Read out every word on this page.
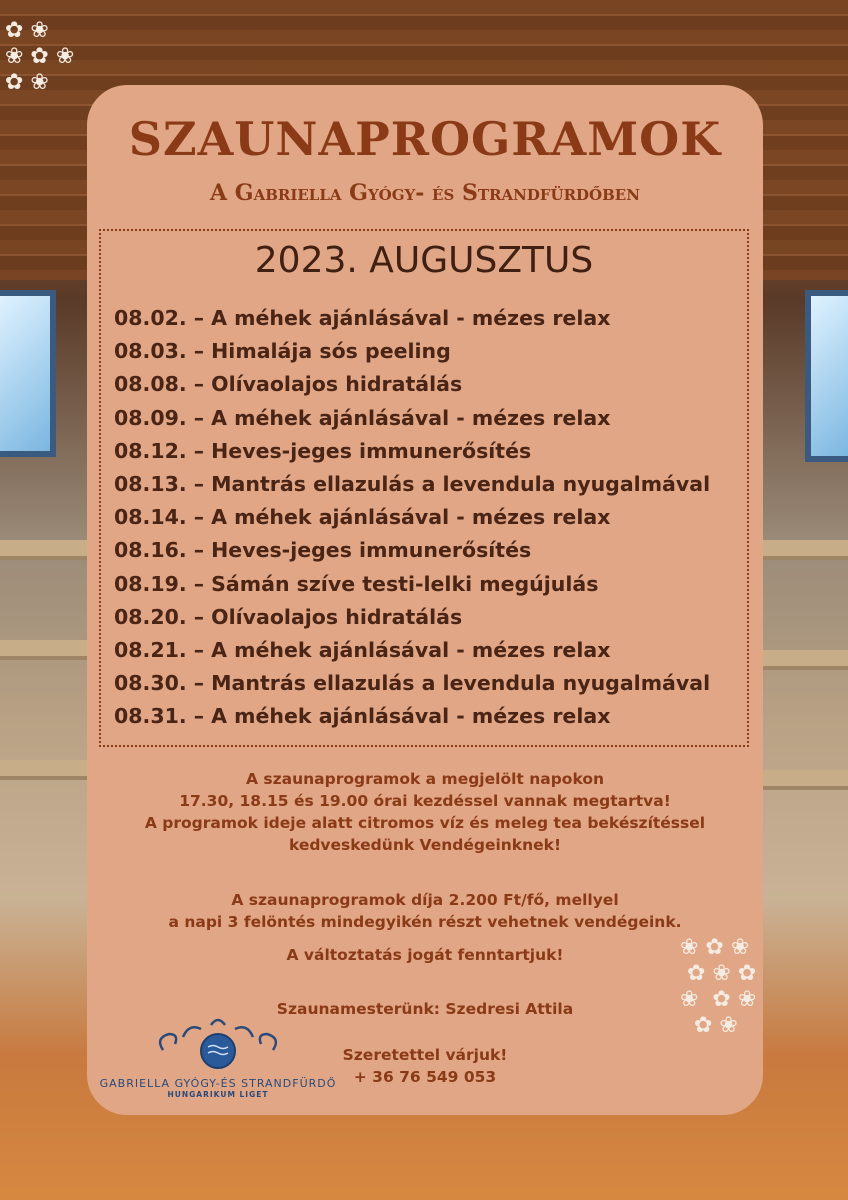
SZAUNAPROGRAMOK
A Gabriella Gyógy- és Strandfürdőben
2023. AUGUSZTUS
08.02. – A méhek ajánlásával - mézes relax
08.03. – Himalája sós peeling
08.08. – Olívaolajos hidratálás
08.09. – A méhek ajánlásával - mézes relax
08.12. – Heves-jeges immunerősítés
08.13. – Mantrás ellazulás a levendula nyugalmával
08.14. – A méhek ajánlásával - mézes relax
08.16. – Heves-jeges immunerősítés
08.19. – Sámán szíve testi-lelki megújulás
08.20. – Olívaolajos hidratálás
08.21. – A méhek ajánlásával - mézes relax
08.30. – Mantrás ellazulás a levendula nyugalmával
08.31. – A méhek ajánlásával - mézes relax
A szaunaprogramok a megjelölt napokon
17.30, 18.15 és 19.00 órai kezdéssel vannak megtartva!
A programok ideje alatt citromos víz és meleg tea bekészítéssel
kedveskedünk Vendégeinknek!
A szaunaprogramok díja 2.200 Ft/fő, mellyel
a napi 3 felöntés mindegyikén részt vehetnek vendégeink.
A változtatás jogát fenntartjuk!
Szaunamesterünk: Szedresi Attila
Szeretettel várjuk!
+ 36 76 549 053
GABRIELLA GYÓGY-ÉS STRANDFÜRDŐ
HUNGARIKUM LIGET
✿ ❀
❀ ✿ ❀
✿ ❀
❀ ✿ ❀
✿ ❀ ✿
❀  ✿ ❀
✿ ❀
